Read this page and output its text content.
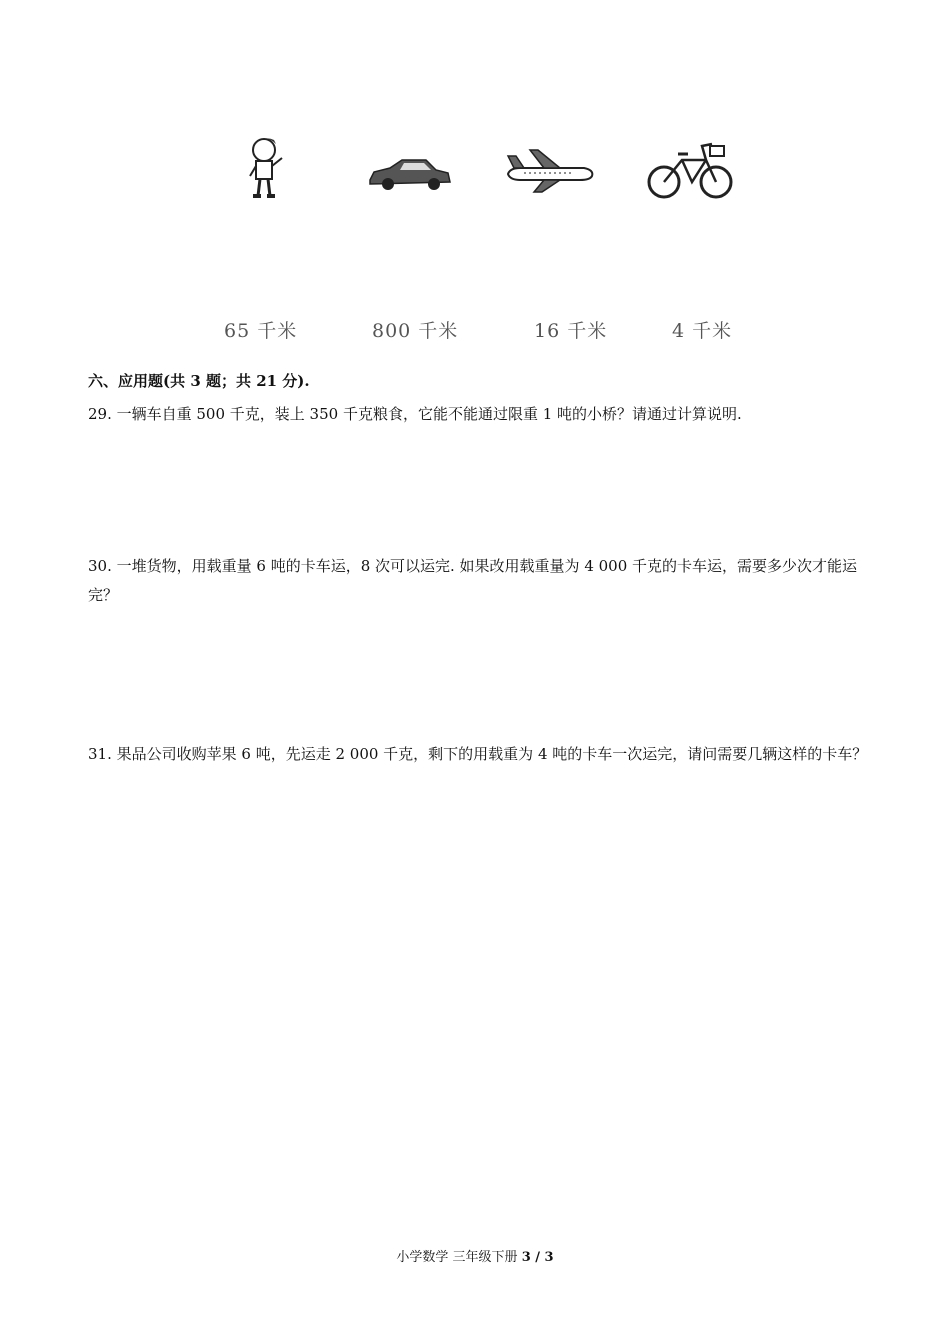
65 千米	800 千米	16 千米	4 千米
六、应用题(共 3 题；共 21 分).
29. 一辆车自重 500 千克，装上 350 千克粮食，它能不能通过限重 1 吨的小桥？请通过计算说明.
30. 一堆货物，用载重量 6 吨的卡车运，8 次可以运完. 如果改用载重量为 4 000 千克的卡车运，需要多少次才能运完？
31. 果品公司收购苹果 6 吨，先运走 2 000 千克，剩下的用载重为 4 吨的卡车一次运完，请问需要几辆这样的卡车？
小学数学 三年级下册 3 / 3
